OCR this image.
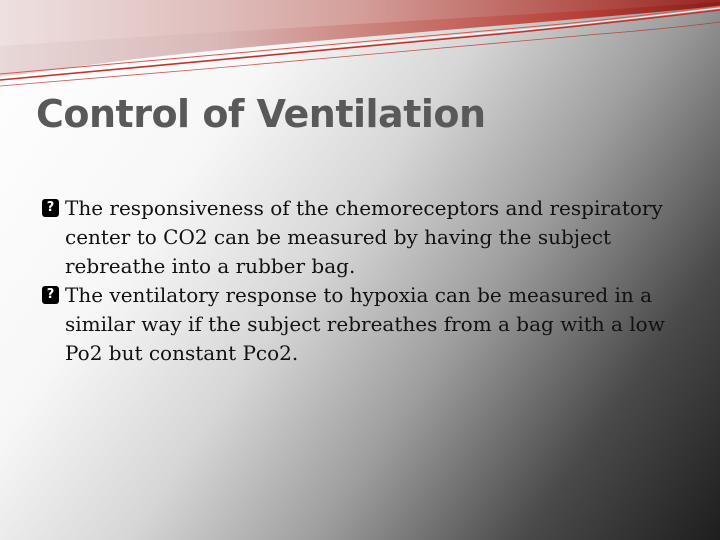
Control of Ventilation
? The responsiveness of the chemoreceptors and respiratory center to CO2 can be measured by having the subject rebreathe into a rubber bag.
? The ventilatory response to hypoxia can be measured in a similar way if the subject rebreathes from a bag with a low Po2 but constant Pco2.
